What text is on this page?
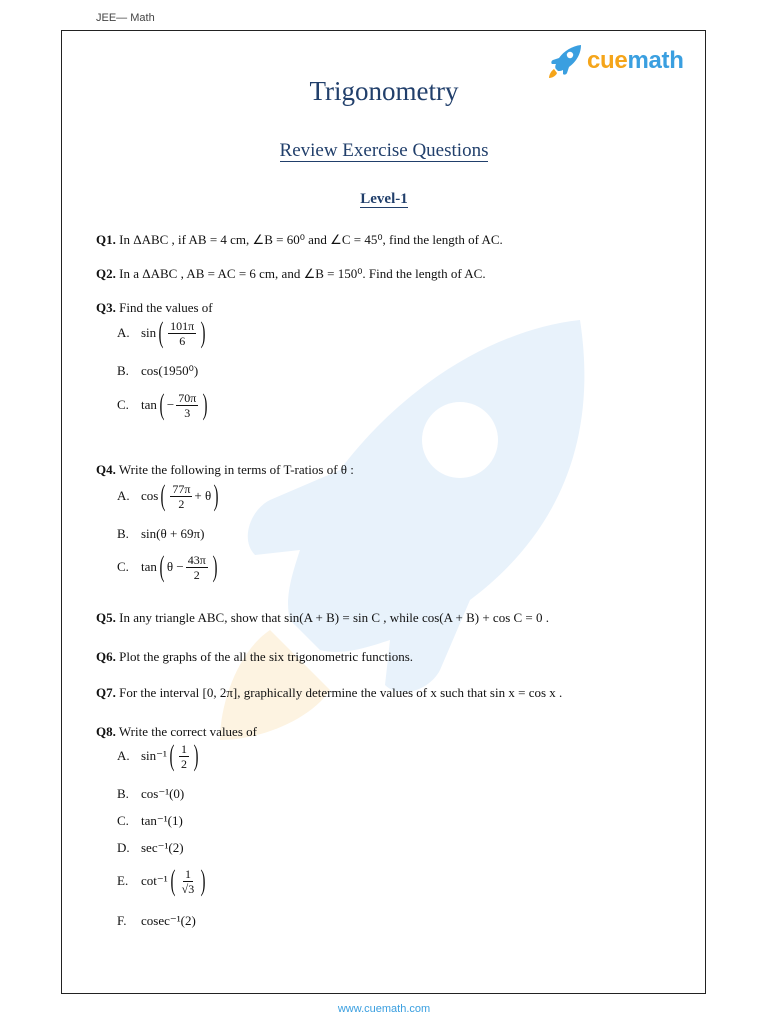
JEE— Math
cuemath
Trigonometry
Review Exercise Questions
Level-1
Q1. In ΔABC , if AB = 4 cm, ∠B = 60⁰ and ∠C = 45⁰, find the length of AC.
Q2. In a ΔABC , AB = AC = 6 cm, and ∠B = 150⁰. Find the length of AC.
Q3. Find the values of
A. sin ( $\frac{101\pi}{6}$ )
B. cos(1950⁰)
C. tan ( − $\frac{70\pi}{3}$ )
Q4. Write the following in terms of T-ratios of θ :
A. cos ( $\frac{77\pi}{2} + \theta$ )
B. sin(θ + 69π)
C. tan ( $\theta - \frac{43\pi}{2}$ )
Q5. In any triangle ABC, show that sin(A + B) = sin C , while cos(A + B) + cos C = 0 .
Q6. Plot the graphs of the all the six trigonometric functions.
Q7. For the interval [0, 2π], graphically determine the values of x such that sin x = cos x .
Q8. Write the correct values of
A. sin⁻¹ ( $\frac{1}{2}$ )
B. cos⁻¹(0)
C. tan⁻¹(1)
D. sec⁻¹(2)
E. cot⁻¹ ( $\frac{1}{√3}$ )
F.	cosec⁻¹(2)
www.cuemath.com
